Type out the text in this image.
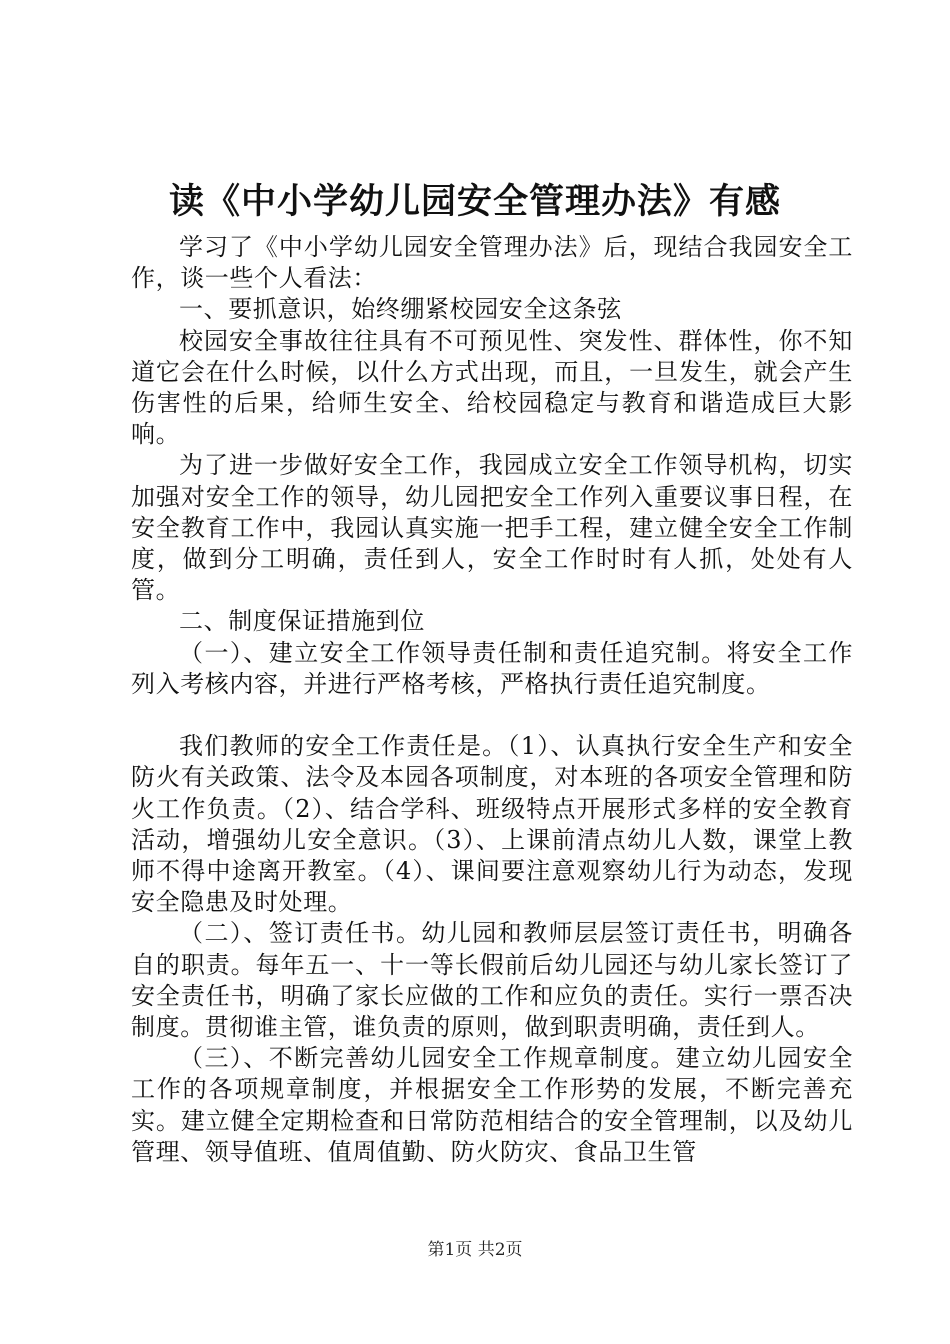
读《中小学幼儿园安全管理办法》有感

学习了《中小学幼儿园安全管理办法》后，现结合我园安全工作，谈一些个人看法：

一、要抓意识，始终绷紧校园安全这条弦

校园安全事故往往具有不可预见性、突发性、群体性，你不知道它会在什么时候，以什么方式出现，而且，一旦发生，就会产生伤害性的后果，给师生安全、给校园稳定与教育和谐造成巨大影响。

为了进一步做好安全工作，我园成立安全工作领导机构，切实加强对安全工作的领导，幼儿园把安全工作列入重要议事日程，在安全教育工作中，我园认真实施一把手工程，建立健全安全工作制度，做到分工明确，责任到人，安全工作时时有人抓，处处有人管。

二、制度保证措施到位

（一）、建立安全工作领导责任制和责任追究制。将安全工作列入考核内容，并进行严格考核，严格执行责任追究制度。

我们教师的安全工作责任是。（1）、认真执行安全生产和安全防火有关政策、法令及本园各项制度，对本班的各项安全管理和防火工作负责。（2）、结合学科、班级特点开展形式多样的安全教育活动，增强幼儿安全意识。（3）、上课前清点幼儿人数，课堂上教师不得中途离开教室。（4）、课间要注意观察幼儿行为动态，发现安全隐患及时处理。

（二）、签订责任书。幼儿园和教师层层签订责任书，明确各自的职责。每年五一、十一等长假前后幼儿园还与幼儿家长签订了安全责任书，明确了家长应做的工作和应负的责任。实行一票否决制度。贯彻谁主管，谁负责的原则，做到职责明确，责任到人。

（三）、不断完善幼儿园安全工作规章制度。建立幼儿园安全工作的各项规章制度，并根据安全工作形势的发展，不断完善充实。建立健全定期检查和日常防范相结合的安全管理制，以及幼儿管理、领导值班、值周值勤、防火防灾、食品卫生管

第1页 共2页
